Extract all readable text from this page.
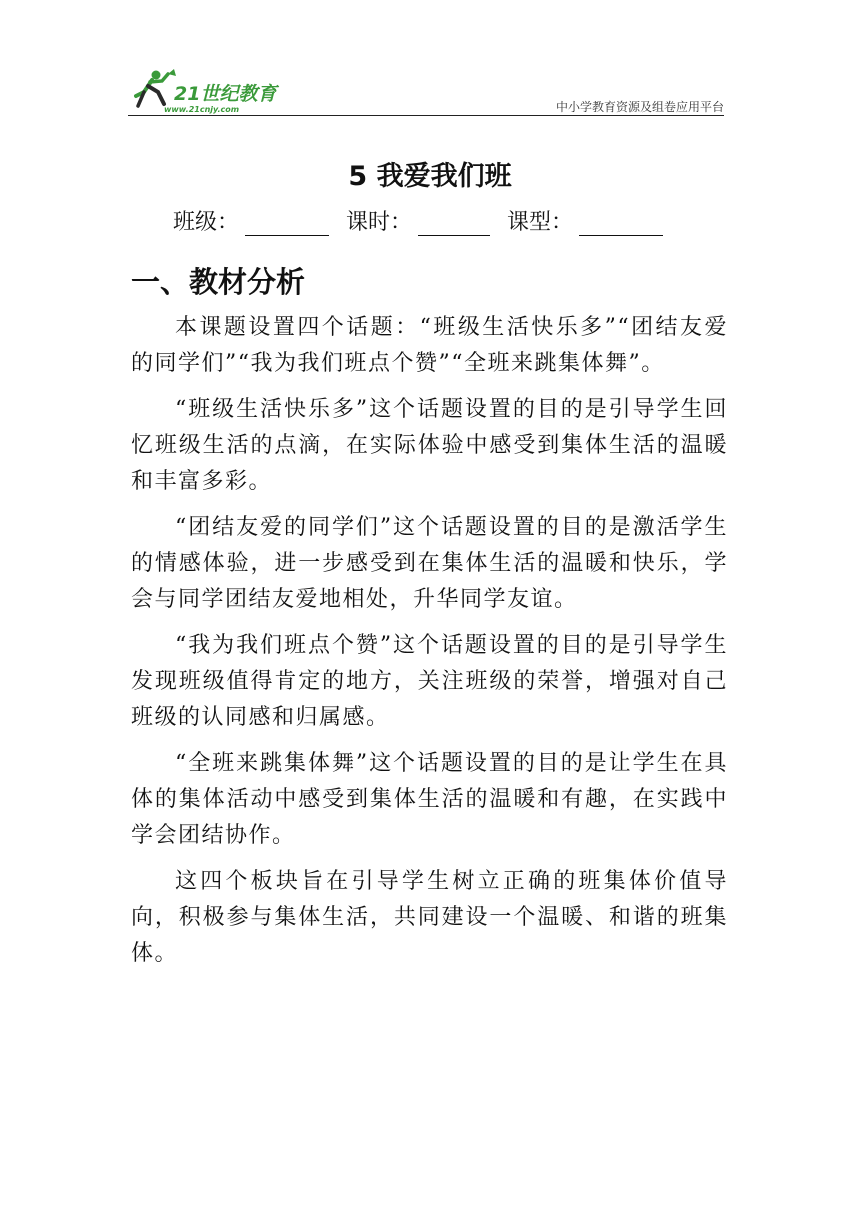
21世纪教育
www.21cnjy.com	中小学教育资源及组卷应用平台
5 我爱我们班
班级：	课时：	课型：
一、教材分析

本课题设置四个话题：“班级生活快乐多”“团结友爱的同学们”“我为我们班点个赞”“全班来跳集体舞”。

“班级生活快乐多”这个话题设置的目的是引导学生回忆班级生活的点滴，在实际体验中感受到集体生活的温暖和丰富多彩。

“团结友爱的同学们”这个话题设置的目的是激活学生的情感体验，进一步感受到在集体生活的温暖和快乐，学会与同学团结友爱地相处，升华同学友谊。

“我为我们班点个赞”这个话题设置的目的是引导学生发现班级值得肯定的地方，关注班级的荣誉，增强对自己班级的认同感和归属感。

“全班来跳集体舞”这个话题设置的目的是让学生在具体的集体活动中感受到集体生活的温暖和有趣，在实践中学会团结协作。

这四个板块旨在引导学生树立正确的班集体价值导向，积极参与集体生活，共同建设一个温暖、和谐的班集体。
